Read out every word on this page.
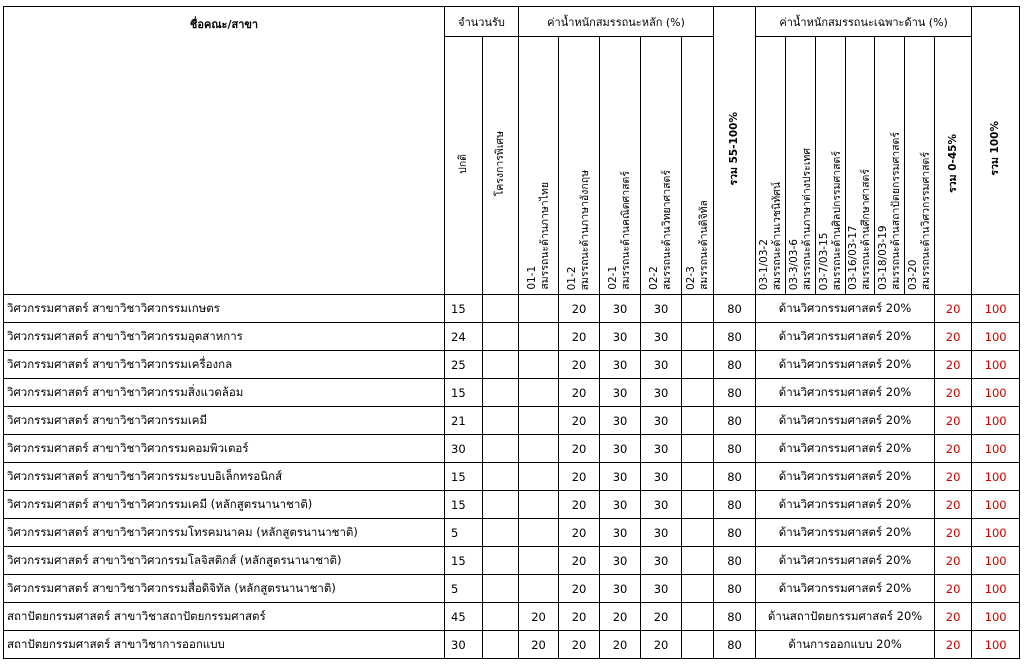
ชื่อคณะ/สาขา	จำนวนรับ		ค่าน้ำหนักสมรรถนะหลัก (%)					รวม 55-100%	ค่าน้ำหนักสมรรถนะเฉพาะด้าน (%)							รวม 100%

	ปกติ	โครงการพิเศษ	01-1 สมรรถนะด้านภาษาไทย	01-2 สมรรถนะด้านภาษาอังกฤษ	02-1 สมรรถนะด้านคณิตศาสตร์	02-2 สมรรถนะด้านวิทยาศาสตร์	02-3 สมรรถนะด้านดิจิทัล		03-1/03-2 สมรรถนะด้านเวชนิทัศน์	03-3/03-6 สมรรถนะด้านภาษาต่างประเทศ	03-7/03-15 สมรรถนะด้านศิลปกรรมศาสตร์	03-16/03-17 สมรรถนะด้านศึกษาศาสตร์	03-18/03-19 สมรรถนะด้านสถาปัตยกรรมศาสตร์	03-20 สมรรถนะด้านวิศวกรรมศาสตร์	รวม 0-45%	

วิศวกรรมศาสตร์ สาขาวิชาวิศวกรรมเกษตร	15			20	30	30		80	ด้านวิศวกรรมศาสตร์ 20%						20	100
วิศวกรรมศาสตร์ สาขาวิชาวิศวกรรมอุตสาหการ	24			20	30	30		80	ด้านวิศวกรรมศาสตร์ 20%						20	100
วิศวกรรมศาสตร์ สาขาวิชาวิศวกรรมเครื่องกล	25			20	30	30		80	ด้านวิศวกรรมศาสตร์ 20%						20	100
วิศวกรรมศาสตร์ สาขาวิชาวิศวกรรมสิ่งแวดล้อม	15			20	30	30		80	ด้านวิศวกรรมศาสตร์ 20%						20	100
วิศวกรรมศาสตร์ สาขาวิชาวิศวกรรมเคมี	21			20	30	30		80	ด้านวิศวกรรมศาสตร์ 20%						20	100
วิศวกรรมศาสตร์ สาขาวิชาวิศวกรรมคอมพิวเตอร์	30			20	30	30		80	ด้านวิศวกรรมศาสตร์ 20%						20	100
วิศวกรรมศาสตร์ สาขาวิชาวิศวกรรมระบบอิเล็กทรอนิกส์	15			20	30	30		80	ด้านวิศวกรรมศาสตร์ 20%						20	100
วิศวกรรมศาสตร์ สาขาวิชาวิศวกรรมเคมี (หลักสูตรนานาชาติ)	15			20	30	30		80	ด้านวิศวกรรมศาสตร์ 20%						20	100
วิศวกรรมศาสตร์ สาขาวิชาวิศวกรรมโทรคมนาคม (หลักสูตรนานาชาติ)	5			20	30	30		80	ด้านวิศวกรรมศาสตร์ 20%						20	100
วิศวกรรมศาสตร์ สาขาวิชาวิศวกรรมโลจิสติกส์ (หลักสูตรนานาชาติ)	15			20	30	30		80	ด้านวิศวกรรมศาสตร์ 20%						20	100
วิศวกรรมศาสตร์ สาขาวิชาวิศวกรรมสื่อดิจิทัล (หลักสูตรนานาชาติ)	5			20	30	30		80	ด้านวิศวกรรมศาสตร์ 20%						20	100
สถาปัตยกรรมศาสตร์ สาขาวิชาสถาปัตยกรรมศาสตร์	45		20	20	20	20		80	ด้านสถาปัตยกรรมศาสตร์ 20%						20	100
สถาปัตยกรรมศาสตร์ สาขาวิชาการออกแบบ	30		20	20	20	20		80	ด้านการออกแบบ 20%						20	100
